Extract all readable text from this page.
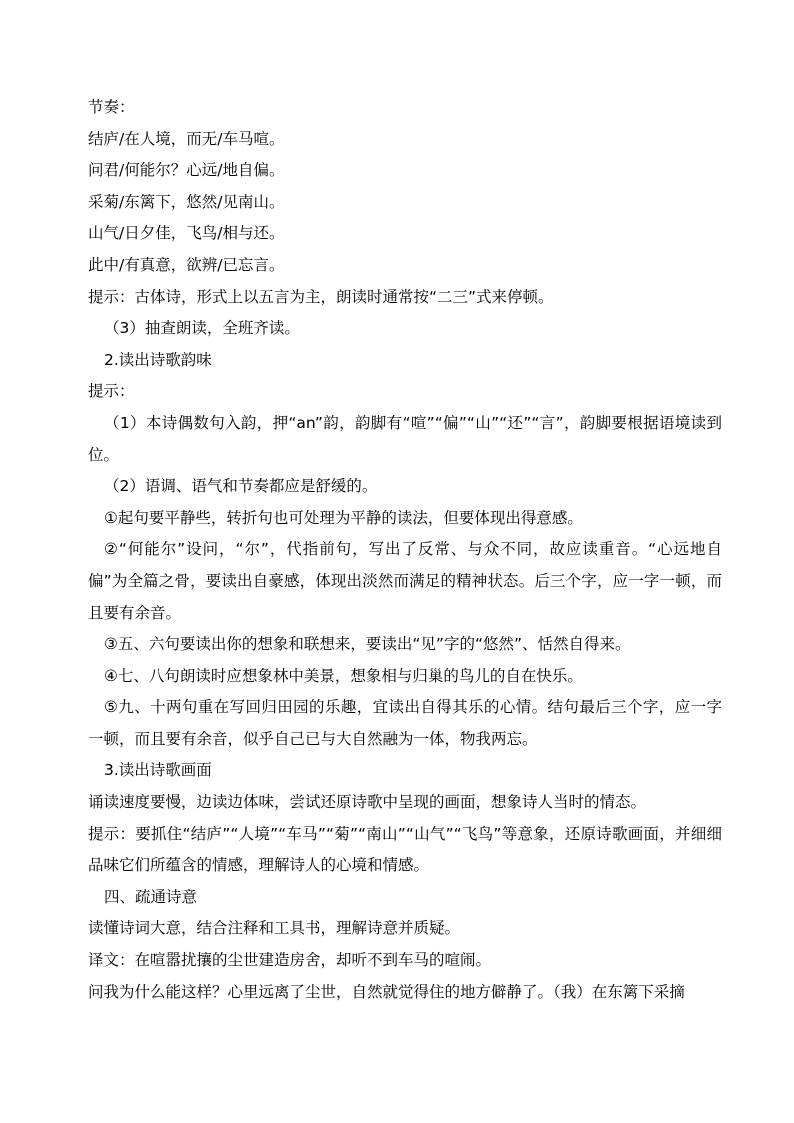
节奏：

结庐/在人境，而无/车马喧。

问君/何能尔？心远/地自偏。

采菊/东篱下，悠然/见南山。

山气/日夕佳，飞鸟/相与还。

此中/有真意，欲辨/已忘言。

提示：古体诗，形式上以五言为主，朗读时通常按“二三”式来停顿。

（3）抽查朗读，全班齐读。

2.读出诗歌韵味

提示：

（1）本诗偶数句入韵，押“an”韵，韵脚有“喧”“偏”“山”“还”“言”，韵脚要根据语境读到位。

（2）语调、语气和节奏都应是舒缓的。

①起句要平静些，转折句也可处理为平静的读法，但要体现出得意感。

②“何能尔”设问，“尔”，代指前句，写出了反常、与众不同，故应读重音。“心远地自偏”为全篇之骨，要读出自豪感，体现出淡然而满足的精神状态。后三个字，应一字一顿，而且要有余音。

③五、六句要读出你的想象和联想来，要读出“见”字的“悠然”、恬然自得来。

④七、八句朗读时应想象林中美景，想象相与归巢的鸟儿的自在快乐。

⑤九、十两句重在写回归田园的乐趣，宜读出自得其乐的心情。结句最后三个字，应一字一顿，而且要有余音，似乎自己已与大自然融为一体，物我两忘。

3.读出诗歌画面

诵读速度要慢，边读边体味，尝试还原诗歌中呈现的画面，想象诗人当时的情态。

提示：要抓住“结庐”“人境”“车马”“菊”“南山”“山气”“飞鸟”等意象，还原诗歌画面，并细细品味它们所蕴含的情感，理解诗人的心境和情感。

四、疏通诗意

读懂诗词大意，结合注释和工具书，理解诗意并质疑。

译文：在喧嚣扰攘的尘世建造房舍，却听不到车马的喧闹。

问我为什么能这样？心里远离了尘世，自然就觉得住的地方僻静了。（我）在东篱下采摘
